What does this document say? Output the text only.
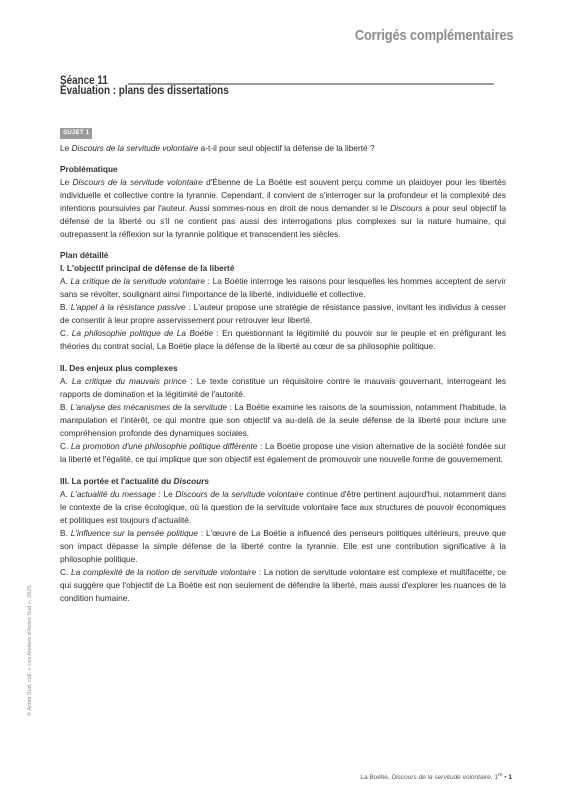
Corrigés complémentaires
Séance 11
Évaluation : plans des dissertations
SUJET 1

Le Discours de la servitude volontaire a-t-il pour seul objectif la défense de la liberté ?

Problématique

Le Discours de la servitude volontaire d'Étienne de La Boétie est souvent perçu comme un plaidoyer pour les libertés individuelle et collective contre la tyrannie. Cependant, il convient de s'interroger sur la profondeur et la complexité des intentions poursuivies par l'auteur. Aussi sommes-nous en droit de nous demander si le Discours a pour seul objectif la défense de la liberté ou s'il ne contient pas aussi des interrogations plus complexes sur la nature humaine, qui outrepassent la réflexion sur la tyrannie politique et transcendent les siècles.

Plan détaillé

I. L'objectif principal de défense de la liberté

A. La critique de la servitude volontaire : La Boétie interroge les raisons pour lesquelles les hommes acceptent de servir sans se révolter, soulignant ainsi l'importance de la liberté, individuelle et collective.

B. L'appel à la résistance passive : L'auteur propose une stratégie de résistance passive, invitant les individus à cesser de consentir à leur propre asservissement pour retrouver leur liberté.

C. La philosophie politique de La Boétie : En questionnant la légitimité du pouvoir sur le peuple et en préfigurant les théories du contrat social, La Boétie place la défense de la liberté au cœur de sa philosophie politique.

II. Des enjeux plus complexes

A. La critique du mauvais prince : Le texte constitue un réquisitoire contre le mauvais gouvernant, interrogeant les rapports de domination et la légitimité de l'autorité.

B. L'analyse des mécanismes de la servitude : La Boétie examine les raisons de la soumission, notamment l'habitude, la manipulation et l'intérêt, ce qui montre que son objectif va au-delà de la seule défense de la liberté pour inclure une compréhension profonde des dynamiques sociales.

C. La promotion d'une philosophie politique différente : La Boétie propose une vision alternative de la société fondée sur la liberté et l'égalité, ce qui implique que son objectif est également de promouvoir une nouvelle forme de gouvernement.

III. La portée et l'actualité du Discours

A. L'actualité du message : Le Discours de la servitude volontaire continue d'être pertinent aujourd'hui, notamment dans le contexte de la crise écologique, où la question de la servitude volontaire face aux structures de pouvoir économiques et politiques est toujours d'actualité.

B. L'influence sur la pensée politique : L'œuvre de La Boétie a influencé des penseurs politiques ultérieurs, preuve que son impact dépasse la simple défense de la liberté contre la tyrannie. Elle est une contribution significative à la philosophie politique.

C. La complexité de la notion de servitude volontaire : La notion de servitude volontaire est complexe et multifacette, ce qui suggère que l'objectif de La Boétie est non seulement de défendre la liberté, mais aussi d'explorer les nuances de la condition humaine.

© Actes Sud, coll. « Les Ateliers d'Actes Sud », 2025
La Boétie, Discours de la servitude volontaire, 1re • 1
